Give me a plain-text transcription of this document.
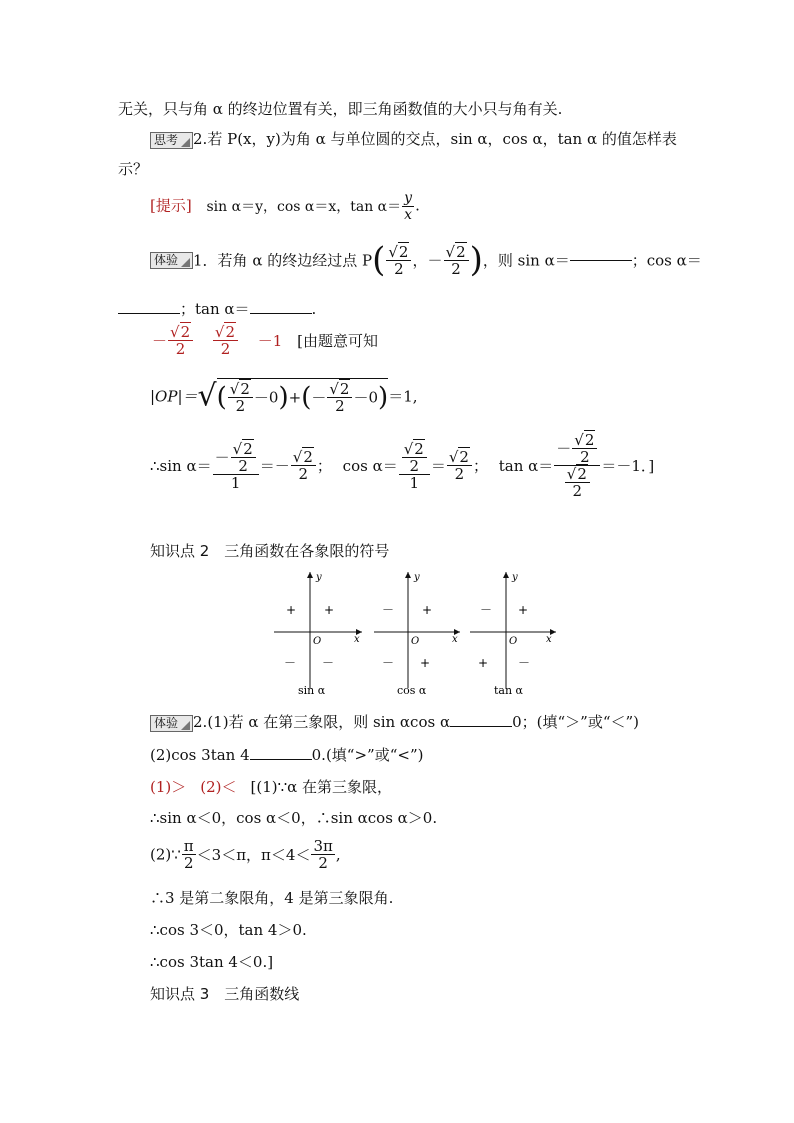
无关，只与角 α 的终边位置有关，即三角函数值的大小只与角有关.
思考 2.若 P(x，y)为角 α 与单位圆的交点，sin α，cos α，tan α 的值怎样表
示？
[提示] sin α＝y，cos α＝x，$\tan \alpha= \frac{y}{x}$ .
体验 1．若角 α 的终边经过点 $P( \frac{√2}{2}$ ，－ $\frac{√2}{2}$ )，则 sin α＝	；cos α＝
；tan α＝	.
－ $\frac{√2}{2}$
$\frac{√2}{2} -1$ [由题意可知
$|OP|=√( \frac{√2}{2} -0)+(- \frac{√2}{2} -0)=1$,
∴sin $\alpha= \frac{- \frac{√2}{2}}{1} =- \frac{√2}{2}$ ； $\cos \alpha= \frac{\frac{√2}{2}}{1} = \frac{√2}{2}$ ； $\tan \alpha= \frac{- \frac{√2}{2}}{\frac{√2}{2}} =-1$．]
知识点 2　三角函数在各象限的符号
y
x
O
+
+
－ －
sin α
y
x
O
+
－
－ +
cos α
y
x
O
+
－
+ －
tan α
体验 2.(1)若 α 在第三象限，则 sin αcos α	0；(填“＞”或“＜”)
(2)cos 3tan 4	0.(填“>”或“<”)
(1)＞ (2)＜ [(1)∵α 在第三象限，
∴sin α＜0，cos α＜0，∴sin αcos α＞0.
(2)∵ $\frac{\pi}{2} <3<\pi$，$\pi<4< \frac{3\pi}{2}$ ,
∴3 是第二象限角，4 是第三象限角.
∴cos 3＜0，tan 4＞0.
∴cos 3tan 4＜0.]
知识点 3　三角函数线
